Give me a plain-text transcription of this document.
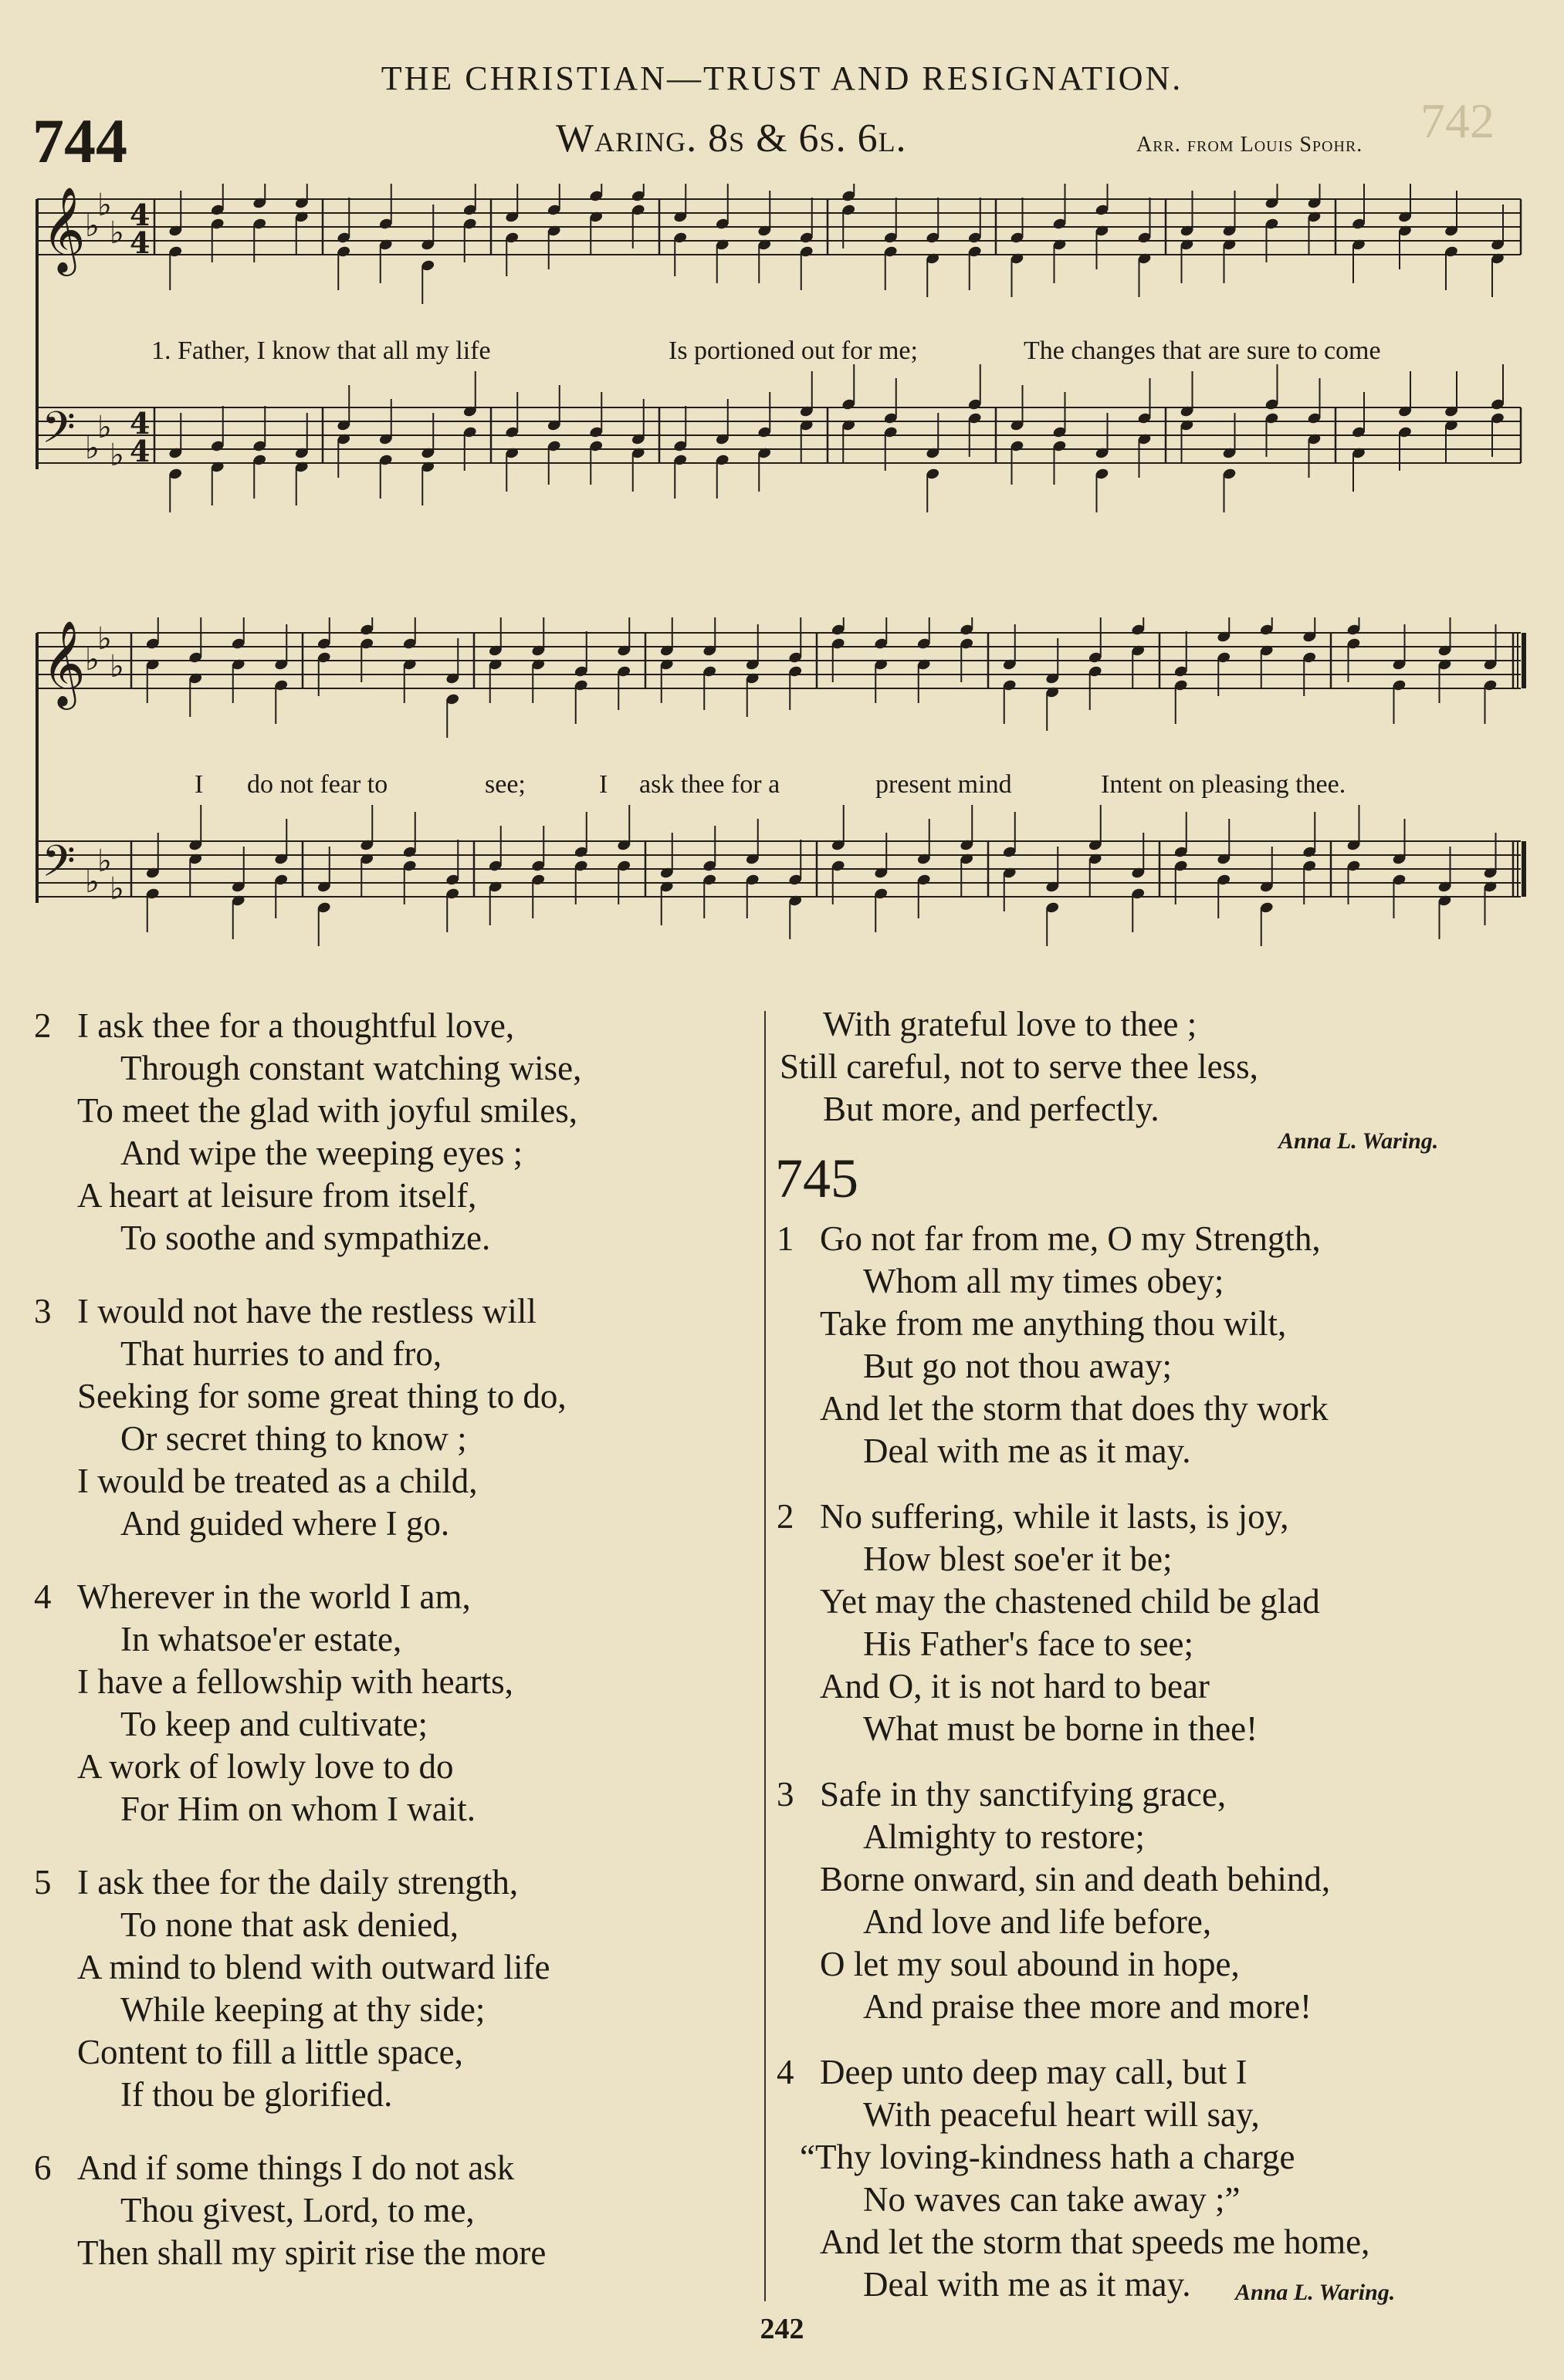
THE CHRISTIAN—TRUST AND RESIGNATION.
744	Waring. 8s & 6s. 6l.	Arr. from Louis Spohr.
𝄞 ♭
♭
♭
4
4
𝄢 ♭
♭
♭
4
4
𝄞 ♭
♭
♭
𝄢 ♭
♭
♭
1. Father, I know that all my life	Is portioned out for me;	The changes that are sure to come
I do not fear to	see;	I ask thee for a	present mind	Intent on pleasing thee.
742
2 I ask thee for a thoughtful love,
Through constant watching wise,
To meet the glad with joyful smiles,
And wipe the weeping eyes ;
A heart at leisure from itself,
To soothe and sympathize.
3 I would not have the restless will
That hurries to and fro,
Seeking for some great thing to do,
Or secret thing to know ;
I would be treated as a child,
And guided where I go.
4 Wherever in the world I am,
In whatsoe'er estate,
I have a fellowship with hearts,
To keep and cultivate;
A work of lowly love to do
For Him on whom I wait.
5 I ask thee for the daily strength,
To none that ask denied,
A mind to blend with outward life
While keeping at thy side;
Content to fill a little space,
If thou be glorified.
6 And if some things I do not ask
Thou givest, Lord, to me,
Then shall my spirit rise the more
With grateful love to thee ;
Still careful, not to serve thee less,
But more, and perfectly.
Anna L. Waring.
745
1 Go not far from me, O my Strength,
Whom all my times obey;
Take from me anything thou wilt,
But go not thou away;
And let the storm that does thy work
Deal with me as it may.
2 No suffering, while it lasts, is joy,
How blest soe'er it be;
Yet may the chastened child be glad
His Father's face to see;
And O, it is not hard to bear
What must be borne in thee!
3 Safe in thy sanctifying grace,
Almighty to restore;
Borne onward, sin and death behind,
And love and life before,
O let my soul abound in hope,
And praise thee more and more!
4 Deep unto deep may call, but I
With peaceful heart will say,
“Thy loving-kindness hath a charge
No waves can take away ;”
And let the storm that speeds me home,
Deal with me as it may.	Anna L. Waring.
242
